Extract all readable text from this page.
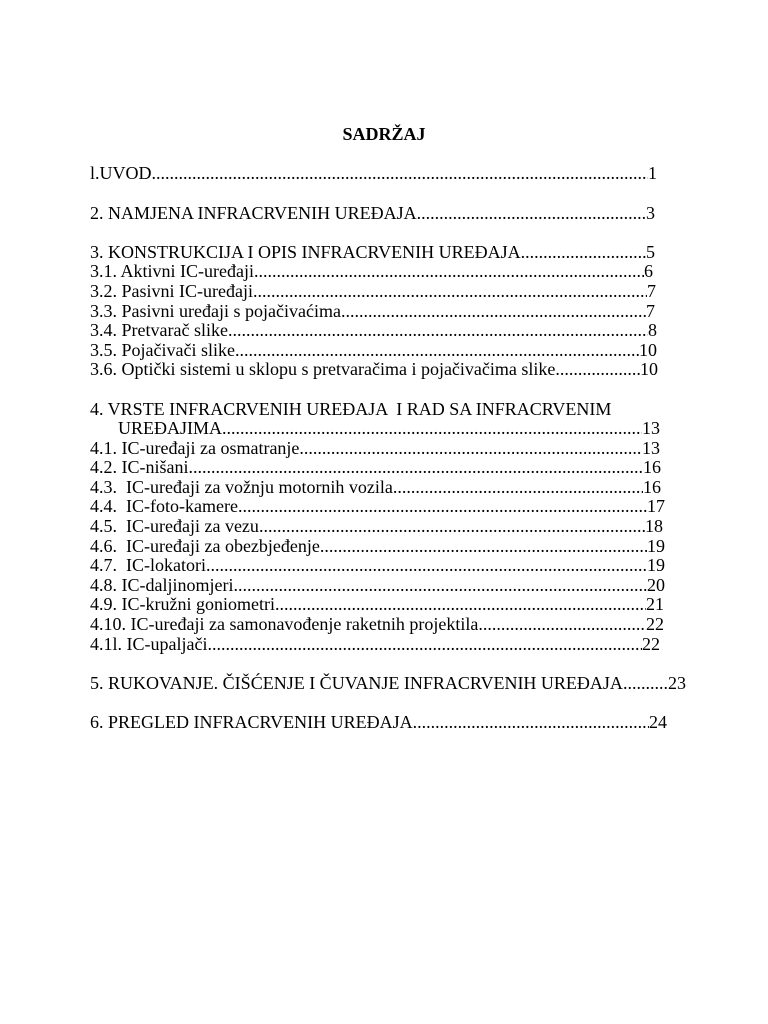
SADRŽAJ
l.UVOD .....	1
2. NAMJENA INFRACRVENIH UREĐAJA .....	3
3. KONSTRUKCIJA I OPIS INFRACRVENIH UREĐAJA .....	5
3.1. Aktivni IC-uređaji .....	6
3.2. Pasivni IC-uređaji .....	7
3.3. Pasivni uređaji s pojačivaćima .....	7
3.4. Pretvarač slike .....	8
3.5. Pojačivači slike .....	10
3.6. Optički sistemi u sklopu s pretvaračima i pojačivačima slike .....	10
4. VRSTE INFRACRVENIH UREĐAJA  I RAD SA INFRACRVENIM
UREĐAJIMA .....	13
4.1. IC-uređaji za osmatranje .....	13
4.2. IC-nišani .....	16
4.3.  IC-uređaji za vožnju motornih vozila .....	16
4.4.  IC-foto-kamere .....	17
4.5.  IC-uređaji za vezu .....	18
4.6.  IC-uređaji za obezbjeđenje .....	19
4.7.  IC-lokatori .....	19
4.8. IC-daljinomjeri .....	20
4.9. IC-kružni goniometri .....	21
4.10. IC-uređaji za samonavođenje raketnih projektila .....	22
4.1l. IC-upaljači .....	22
5. RUKOVANJE. ČIŠĆENJE I ČUVANJE INFRACRVENIH UREĐAJA .....	23
6. PREGLED INFRACRVENIH UREĐAJA .....	24
